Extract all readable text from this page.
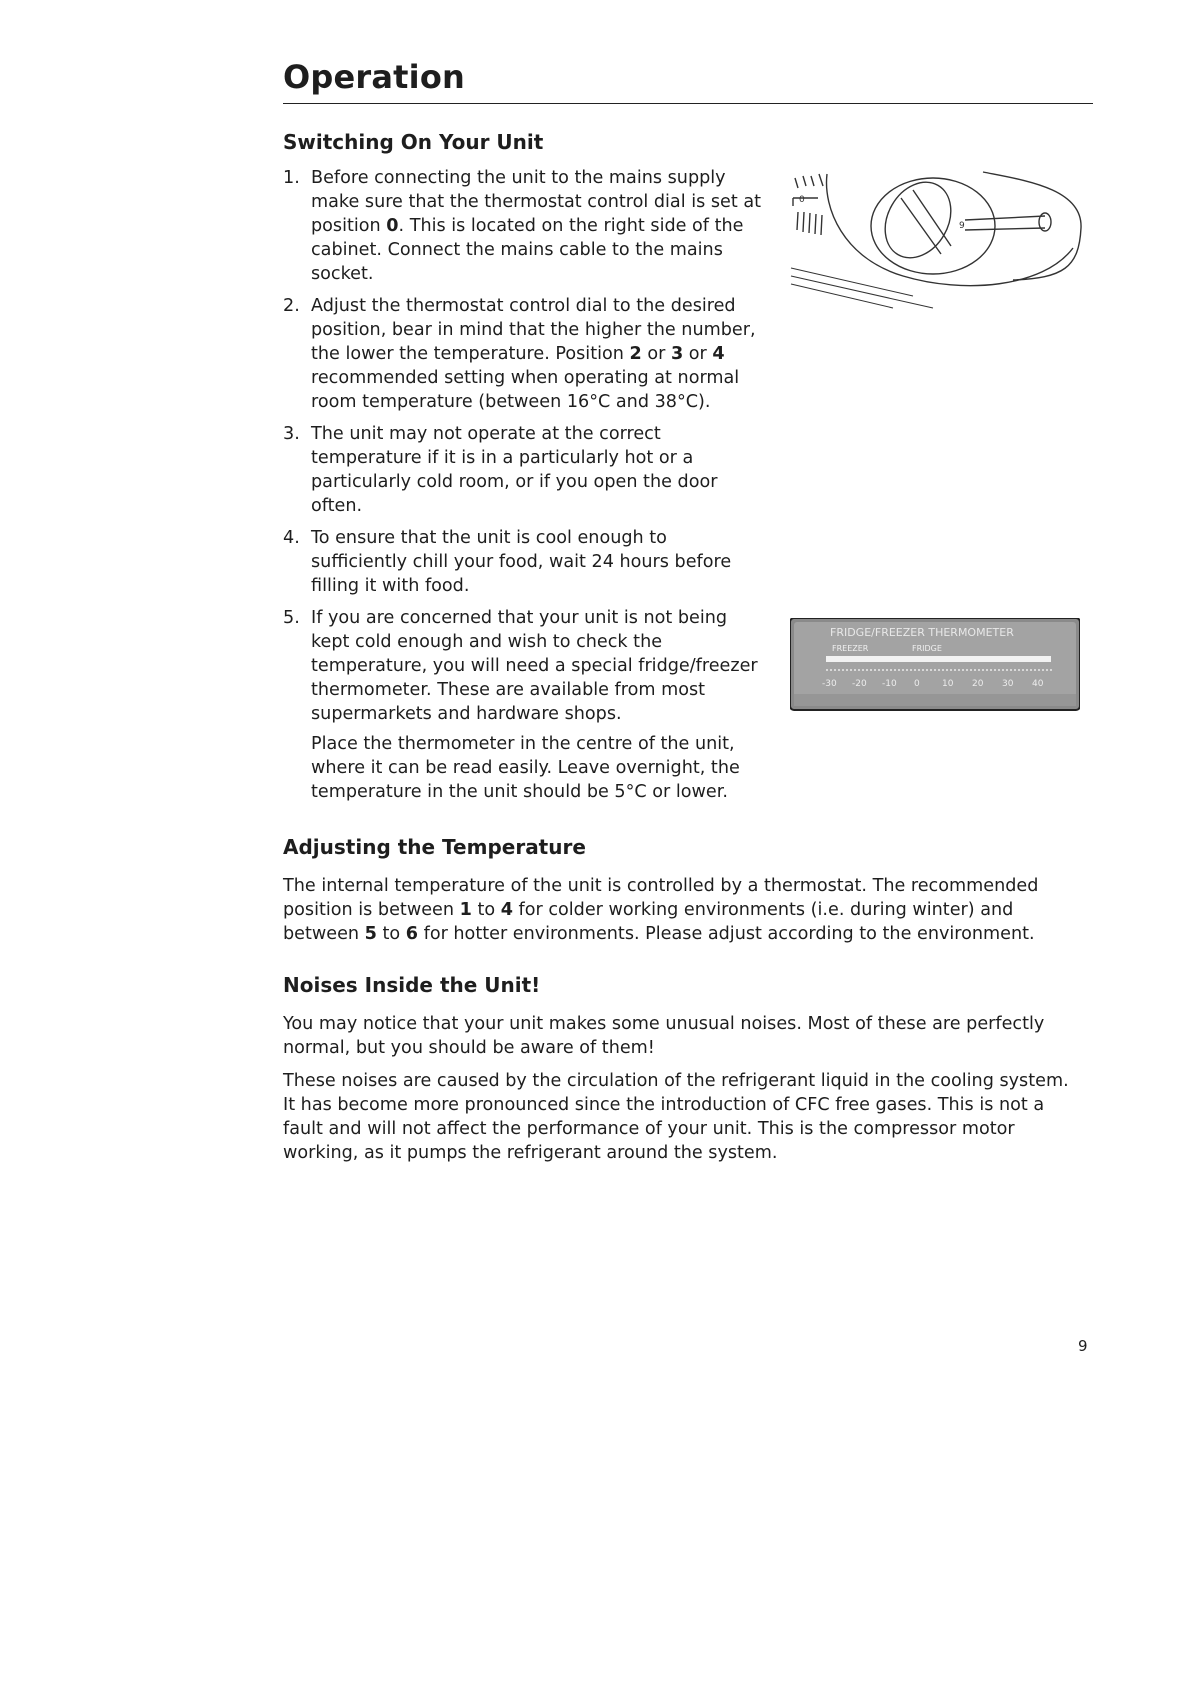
Operation
Switching On Your Unit
1. Before connecting the unit to the mains supply make sure that the thermostat control dial is set at position 0. This is located on the right side of the cabinet. Connect the mains cable to the mains socket.
2. Adjust the thermostat control dial to the desired position, bear in mind that the higher the number, the lower the temperature. Position 2 or 3 or 4 recommended setting when operating at normal room temperature (between 16°C and 38°C).
3. The unit may not operate at the correct temperature if it is in a particularly hot or a particularly cold room, or if you open the door often.
4. To ensure that the unit is cool enough to sufficiently chill your food, wait 24 hours before filling it with food.
5. If you are concerned that your unit is not being kept cold enough and wish to check the temperature, you will need a special fridge/freezer thermometer. These are available from most supermarkets and hardware shops.
Place the thermometer in the centre of the unit, where it can be read easily. Leave overnight, the temperature in the unit should be 5°C or lower.
0
9
FRIDGE/FREEZER THERMOMETER
FREEZER	FRIDGE
-30 -20 -10 0 10 20 30 40
Adjusting the Temperature

The internal temperature of the unit is controlled by a thermostat. The recommended position is between 1 to 4 for colder working environments (i.e. during winter) and between 5 to 6 for hotter environments. Please adjust according to the environment.

Noises Inside the Unit!

You may notice that your unit makes some unusual noises. Most of these are perfectly normal, but you should be aware of them!

These noises are caused by the circulation of the refrigerant liquid in the cooling system. It has become more pronounced since the introduction of CFC free gases. This is not a fault and will not affect the performance of your unit. This is the compressor motor working, as it pumps the refrigerant around the system.

9
